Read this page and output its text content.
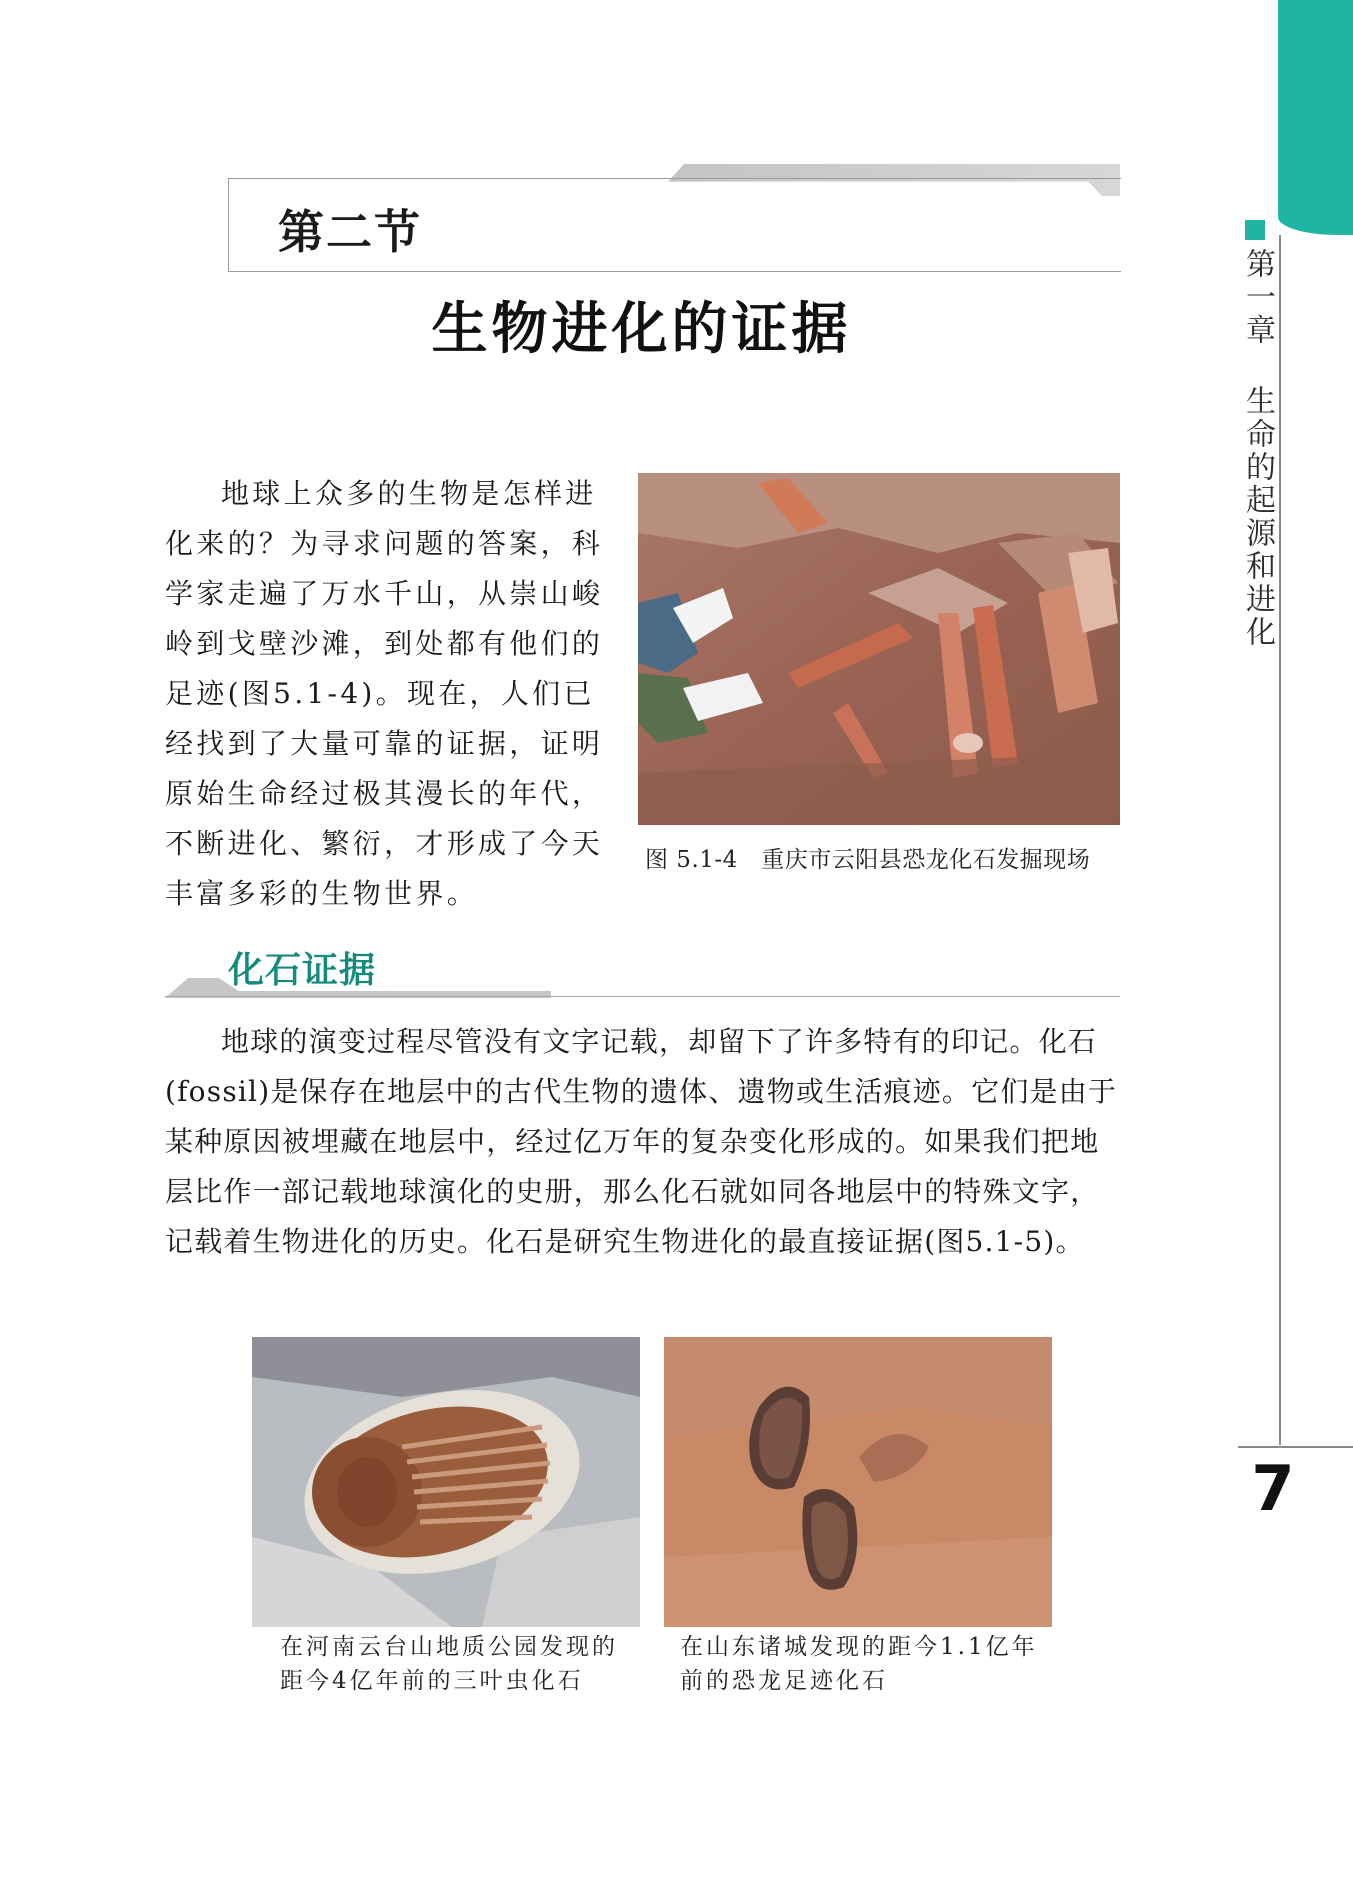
第一章 生命的起源和进化
7
第二节
生物进化的证据

地球上众多的生物是怎样进化来的？为寻求问题的答案，科学家走遍了万水千山，从崇山峻岭到戈壁沙滩，到处都有他们的足迹(图5.1-4)。现在，人们已经找到了大量可靠的证据，证明原始生命经过极其漫长的年代，不断进化、繁衍，才形成了今天丰富多彩的生物世界。

图 5.1-4　重庆市云阳县恐龙化石发掘现场
化石证据

地球的演变过程尽管没有文字记载，却留下了许多特有的印记。化石(fossil)是保存在地层中的古代生物的遗体、遗物或生活痕迹。它们是由于某种原因被埋藏在地层中，经过亿万年的复杂变化形成的。如果我们把地层比作一部记载地球演化的史册，那么化石就如同各地层中的特殊文字，记载着生物进化的历史。化石是研究生物进化的最直接证据(图5.1-5)。

在河南云台山地质公园发现的
距今4亿年前的三叶虫化石
在山东诸城发现的距今1.1亿年
前的恐龙足迹化石
